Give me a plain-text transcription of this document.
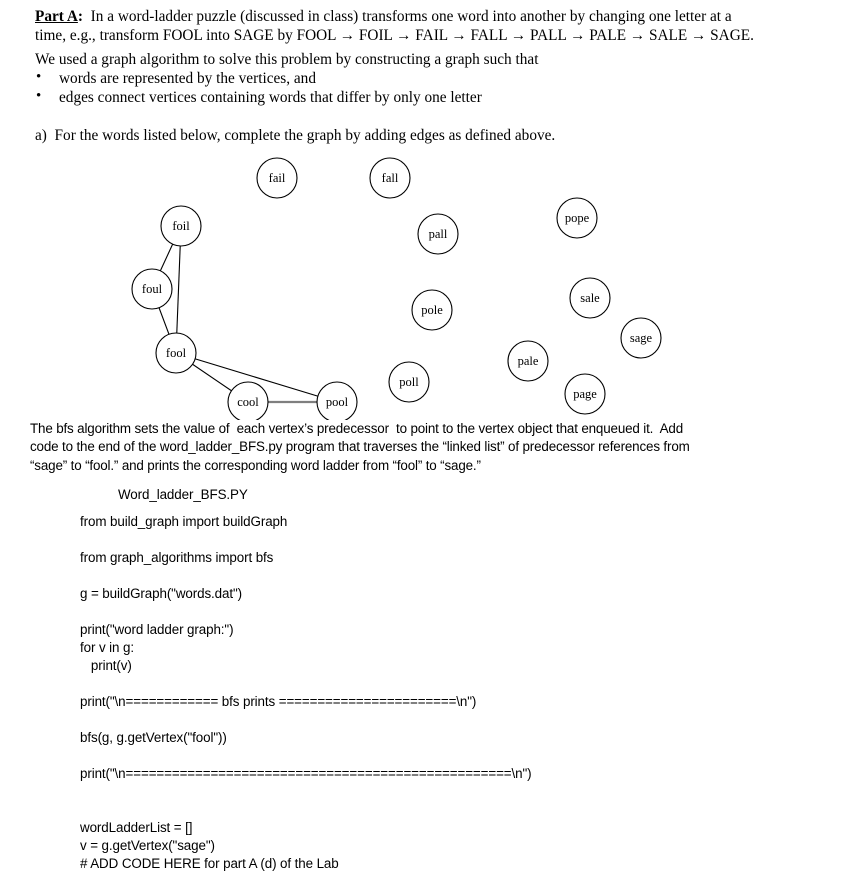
Part A:  In a word-ladder puzzle (discussed in class) transforms one word into another by changing one letter at a
time, e.g., transform FOOL into SAGE by FOOL → FOIL → FAIL → FALL → PALL → PALE → SALE → SAGE.
We used a graph algorithm to solve this problem by constructing a graph such that
• words are represented by the vertices, and
• edges connect vertices containing words that differ by only one letter
a)  For the words listed below, complete the graph by adding edges as defined above.
fail	fall
foil
pall
pope
foul
sale
pole
sage
fool
pale
poll
page
cool	pool
The bfs algorithm sets the value of  each vertex’s predecessor  to point to the vertex object that enqueued it.  Add
code to the end of the word_ladder_BFS.py program that traverses the “linked list” of predecessor references from
“sage” to “fool.” and prints the corresponding word ladder from “fool” to “sage.”
Word_ladder_BFS.PY
from build_graph import buildGraph
from graph_algorithms import bfs
g = buildGraph("words.dat")
print("word ladder graph:")
for v in g:
print(v)
print("\n============ bfs prints =======================\n")
bfs(g, g.getVertex("fool"))
print("\n==================================================\n")
wordLadderList = []
v = g.getVertex("sage")
# ADD CODE HERE for part A (d) of the Lab
